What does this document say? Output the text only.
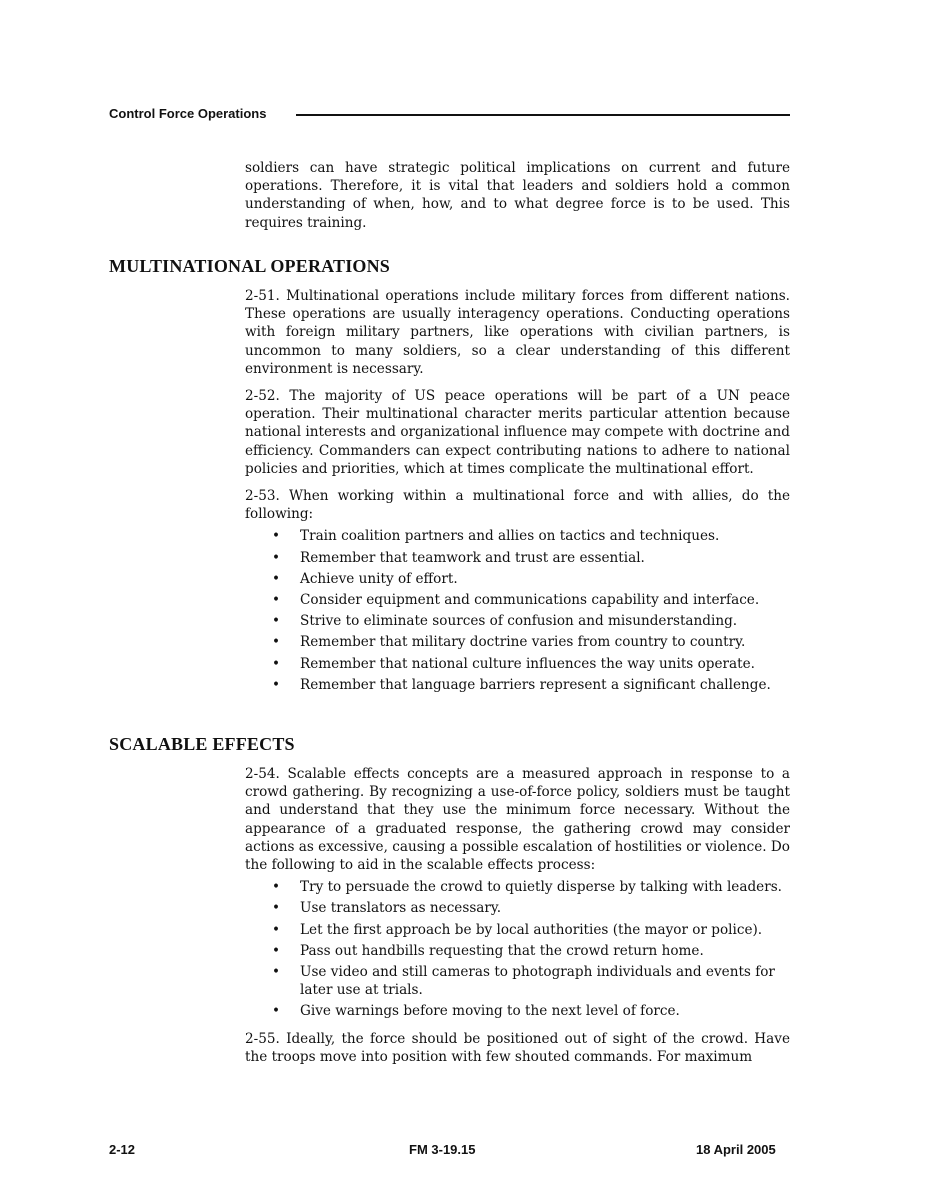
Control Force Operations

soldiers can have strategic political implications on current and future operations. Therefore, it is vital that leaders and soldiers hold a common understanding of when, how, and to what degree force is to be used. This requires training.

MULTINATIONAL OPERATIONS

2-51. Multinational operations include military forces from different nations. These operations are usually interagency operations. Conducting operations with foreign military partners, like operations with civilian partners, is uncommon to many soldiers, so a clear understanding of this different environment is necessary.

2-52. The majority of US peace operations will be part of a UN peace operation. Their multinational character merits particular attention because national interests and organizational influence may compete with doctrine and efficiency. Commanders can expect contributing nations to adhere to national policies and priorities, which at times complicate the multinational effort.

2-53. When working within a multinational force and with allies, do the following:

• Train coalition partners and allies on tactics and techniques.
• Remember that teamwork and trust are essential.
• Achieve unity of effort.
• Consider equipment and communications capability and interface.
• Strive to eliminate sources of confusion and misunderstanding.
• Remember that military doctrine varies from country to country.
• Remember that national culture influences the way units operate.
• Remember that language barriers represent a significant challenge.
SCALABLE EFFECTS

2-54. Scalable effects concepts are a measured approach in response to a crowd gathering. By recognizing a use-of-force policy, soldiers must be taught and understand that they use the minimum force necessary. Without the appearance of a graduated response, the gathering crowd may consider actions as excessive, causing a possible escalation of hostilities or violence. Do the following to aid in the scalable effects process:

• Try to persuade the crowd to quietly disperse by talking with leaders.
• Use translators as necessary.
• Let the first approach be by local authorities (the mayor or police).
• Pass out handbills requesting that the crowd return home.
• Use video and still cameras to photograph individuals and events for later use at trials.
• Give warnings before moving to the next level of force.

2-55. Ideally, the force should be positioned out of sight of the crowd. Have the troops move into position with few shouted commands. For maximum

2-12	FM 3-19.15	18 April 2005
